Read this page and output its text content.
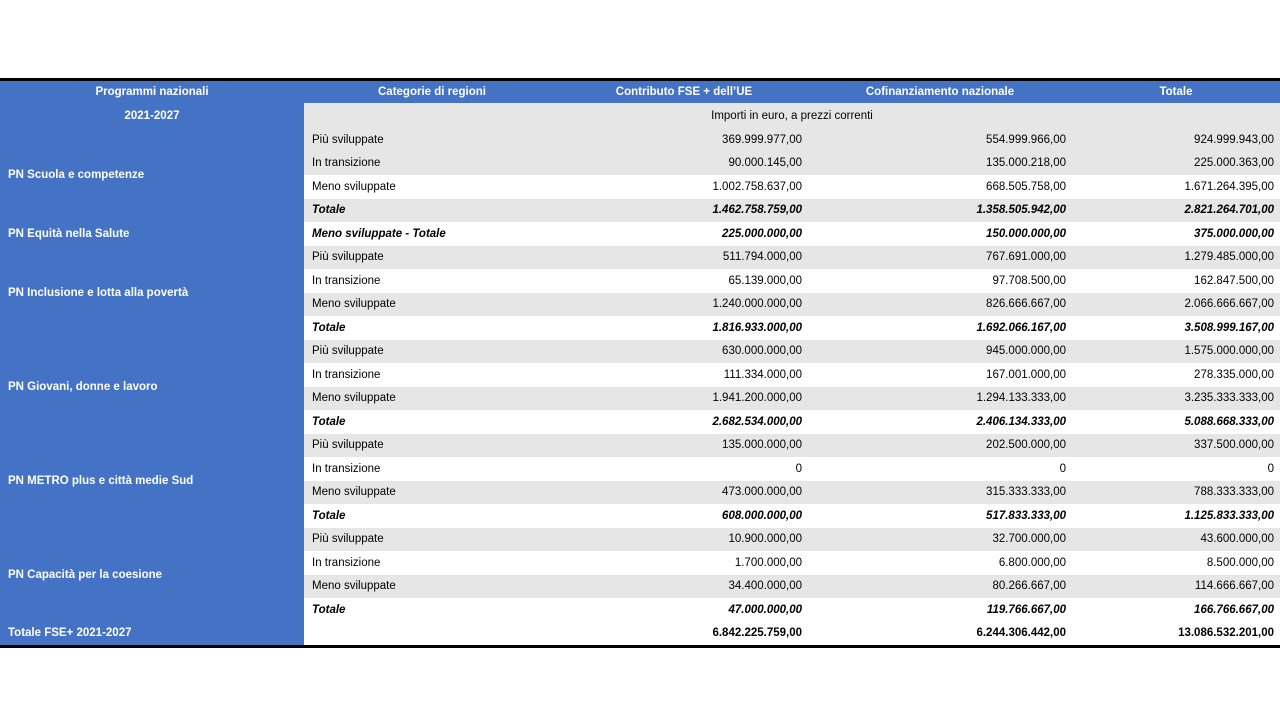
Programmi nazionali	Categorie di regioni	Contributo FSE + dell’UE	Cofinanziamento nazionale	Totale
2021-2027	Importi in euro, a prezzi correnti			
PN Scuola e competenze	Più sviluppate	369.999.977,00	554.999.966,00	924.999.943,00
	In transizione	90.000.145,00	135.000.218,00	225.000.363,00
	Meno sviluppate	1.002.758.637,00	668.505.758,00	1.671.264.395,00
	Totale	1.462.758.759,00	1.358.505.942,00	2.821.264.701,00
PN Equità nella Salute	Meno sviluppate - Totale	225.000.000,00	150.000.000,00	375.000.000,00
PN Inclusione e lotta alla povertà	Più sviluppate	511.794.000,00	767.691.000,00	1.279.485.000,00
	In transizione	65.139.000,00	97.708.500,00	162.847.500,00
	Meno sviluppate	1.240.000.000,00	826.666.667,00	2.066.666.667,00
	Totale	1.816.933.000,00	1.692.066.167,00	3.508.999.167,00
PN Giovani, donne e lavoro	Più sviluppate	630.000.000,00	945.000.000,00	1.575.000.000,00
	In transizione	111.334.000,00	167.001.000,00	278.335.000,00
	Meno sviluppate	1.941.200.000,00	1.294.133.333,00	3.235.333.333,00
	Totale	2.682.534.000,00	2.406.134.333,00	5.088.668.333,00
PN METRO plus e città medie Sud	Più sviluppate	135.000.000,00	202.500.000,00	337.500.000,00
	In transizione	0	0	0
	Meno sviluppate	473.000.000,00	315.333.333,00	788.333.333,00
	Totale	608.000.000,00	517.833.333,00	1.125.833.333,00
PN Capacità per la coesione	Più sviluppate	10.900.000,00	32.700.000,00	43.600.000,00
	In transizione	1.700.000,00	6.800.000,00	8.500.000,00
	Meno sviluppate	34.400.000,00	80.266.667,00	114.666.667,00
	Totale	47.000.000,00	119.766.667,00	166.766.667,00
Totale FSE+ 2021-2027		6.842.225.759,00	6.244.306.442,00	13.086.532.201,00
